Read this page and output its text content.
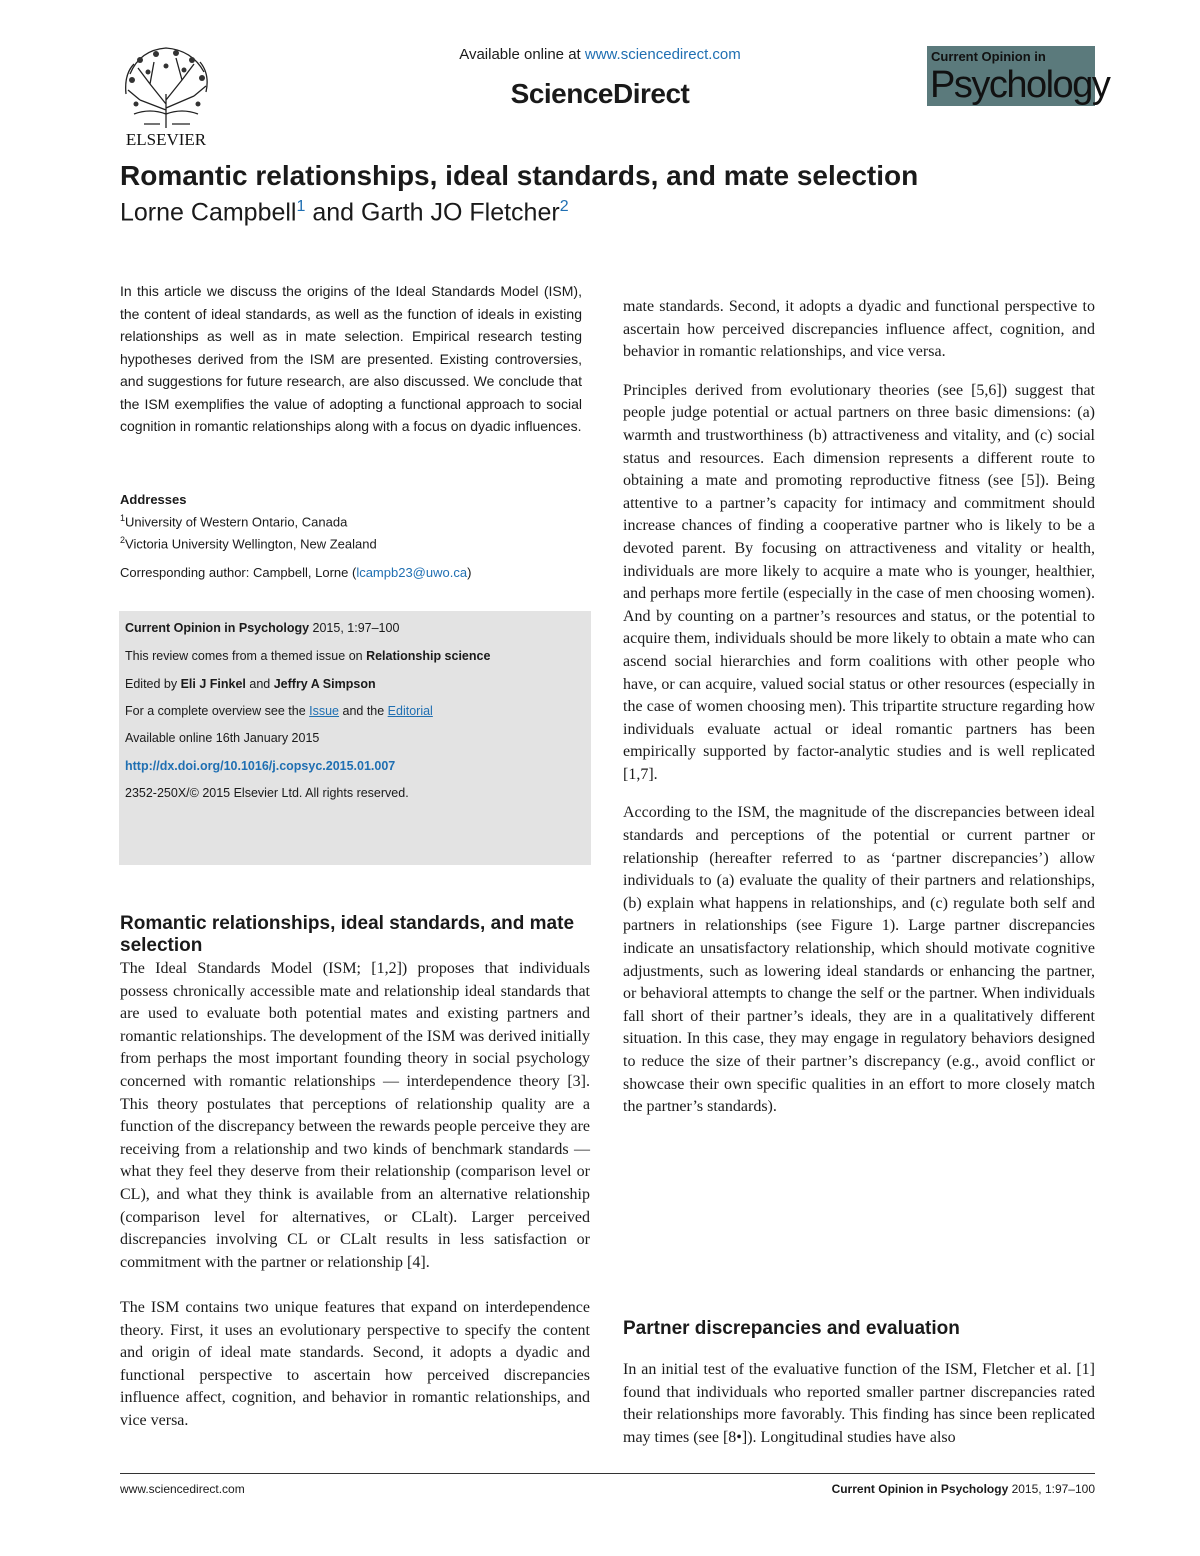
ELSEVIER
Available online at www.sciencedirect.com
ScienceDirect
Current Opinion in
Psychology
Romantic relationships, ideal standards, and mate selection
Lorne Campbell$^1$ and Garth JO Fletcher$^2$
In this article we discuss the origins of the Ideal Standards Model (ISM), the content of ideal standards, as well as the function of ideals in existing relationships as well as in mate selection. Empirical research testing hypotheses derived from the ISM are presented. Existing controversies, and suggestions for future research, are also discussed. We conclude that the ISM exemplifies the value of adopting a functional approach to social cognition in romantic relationships along with a focus on dyadic influences.
Addresses
$^1$University of Western Ontario, Canada
$^2$Victoria University Wellington, New Zealand
Corresponding author: Campbell, Lorne (lcampb23@uwo.ca)
Current Opinion in Psychology 2015, 1:97–100
This review comes from a themed issue on Relationship science
Edited by Eli J Finkel and Jeffry A Simpson
For a complete overview see the Issue and the Editorial
Available online 16th January 2015
http://dx.doi.org/10.1016/j.copsyc.2015.01.007
2352-250X/© 2015 Elsevier Ltd. All rights reserved.
Romantic relationships, ideal standards, and mate selection

The Ideal Standards Model (ISM; [1,2]) proposes that individuals possess chronically accessible mate and relationship ideal standards that are used to evaluate both potential mates and existing partners and romantic relationships. The development of the ISM was derived initially from perhaps the most important founding theory in social psychology concerned with romantic relationships — interdependence theory [3]. This theory postulates that perceptions of relationship quality are a function of the discrepancy between the rewards people perceive they are receiving from a relationship and two kinds of benchmark standards — what they feel they deserve from their relationship (comparison level or CL), and what they think is available from an alternative relationship (comparison level for alternatives, or CLalt). Larger perceived discrepancies involving CL or CLalt results in less satisfaction or commitment with the partner or relationship [4].

The ISM contains two unique features that expand on interdependence theory. First, it uses an evolutionary perspective to specify the content and origin of ideal mate standards. Second, it adopts a dyadic and functional perspective to ascertain how perceived discrepancies influence affect, cognition, and behavior in romantic relationships, and vice versa.

mate standards. Second, it adopts a dyadic and functional perspective to ascertain how perceived discrepancies influence affect, cognition, and behavior in romantic relationships, and vice versa.

Principles derived from evolutionary theories (see [5,6]) suggest that people judge potential or actual partners on three basic dimensions: (a) warmth and trustworthiness (b) attractiveness and vitality, and (c) social status and resources. Each dimension represents a different route to obtaining a mate and promoting reproductive fitness (see [5]). Being attentive to a partner’s capacity for intimacy and commitment should increase chances of finding a cooperative partner who is likely to be a devoted parent. By focusing on attractiveness and vitality or health, individuals are more likely to acquire a mate who is younger, healthier, and perhaps more fertile (especially in the case of men choosing women). And by counting on a partner’s resources and status, or the potential to acquire them, individuals should be more likely to obtain a mate who can ascend social hierarchies and form coalitions with other people who have, or can acquire, valued social status or other resources (especially in the case of women choosing men). This tripartite structure regarding how individuals evaluate actual or ideal romantic partners has been empirically supported by factor-analytic studies and is well replicated [1,7].

According to the ISM, the magnitude of the discrepancies between ideal standards and perceptions of the potential or current partner or relationship (hereafter referred to as ‘partner discrepancies’) allow individuals to (a) evaluate the quality of their partners and relationships, (b) explain what happens in relationships, and (c) regulate both self and partners in relationships (see Figure 1). Large partner discrepancies indicate an unsatisfactory relationship, which should motivate cognitive adjustments, such as lowering ideal standards or enhancing the partner, or behavioral attempts to change the self or the partner. When individuals fall short of their partner’s ideals, they are in a qualitatively different situation. In this case, they may engage in regulatory behaviors designed to reduce the size of their partner’s discrepancy (e.g., avoid conflict or showcase their own specific qualities in an effort to more closely match the partner’s standards).

Partner discrepancies and evaluation

In an initial test of the evaluative function of the ISM, Fletcher et al. [1] found that individuals who reported smaller partner discrepancies rated their relationships more favorably. This finding has since been replicated may times (see [8•]). Longitudinal studies have also

www.sciencedirect.com	Current Opinion in Psychology 2015, 1:97–100
